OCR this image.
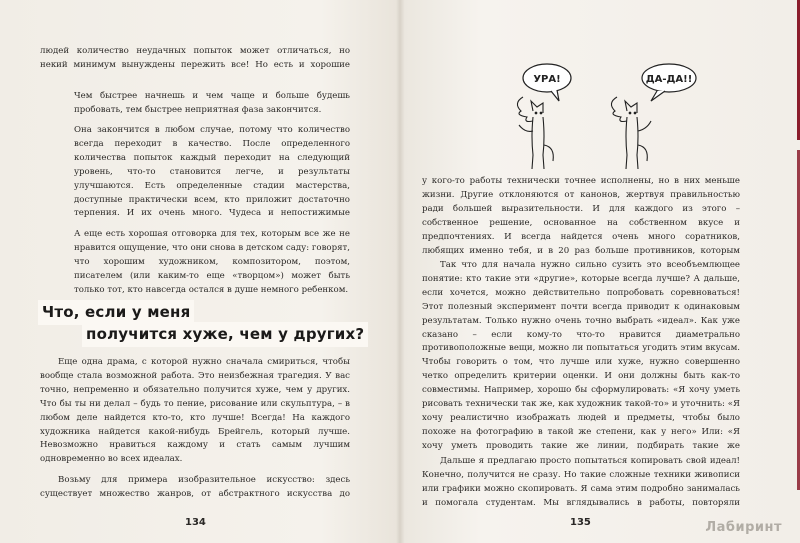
людей количество неудачных попыток может отличаться, но некий минимум вынуждены пережить все! Но есть и хорошие
Чем быстрее начнешь и чем чаще и больше будешь пробовать, тем быстрее неприятная фаза закончится.
Она закончится в любом случае, потому что количество всегда переходит в качество. После определенного количества попыток каждый переходит на следующий уровень, что-то становится легче, и результаты улучшаются. Есть определенные стадии мастерства, доступные практически всем, кто приложит достаточно терпения. И их очень много. Чудеса и непостижимые
А еще есть хорошая отговорка для тех, которым все же не нравится ощущение, что они снова в детском саду: говорят, что хорошим художником, композитором, поэтом, писателем (или каким-то еще «творцом») может быть только тот, кто навсегда остался в душе немного ребенком.
Что, если у меня
получится хуже, чем у других?
Еще одна драма, с которой нужно сначала смириться, чтобы вообще стала возможной работа. Это неизбежная трагедия. У вас точно, непременно и обязательно получится хуже, чем у других. Что бы ты ни делал – будь то пение, рисование или скульптура, – в любом деле найдется кто-то, кто лучше! Всегда! На каждого художника найдется какой-нибудь Брейгель, который лучше. Невозможно нравиться каждому и стать самым лучшим одновременно во всех идеалах.
Возьму для примера изобразительное искусство: здесь существует множество жанров, от абстрактного искусства до
134
УРА!	ДА-ДА!!
у кого-то работы технически точнее исполнены, но в них меньше жизни. Другие отклоняются от канонов, жертвуя правильностью ради большей выразительности. И для каждого из этого – собственное решение, основанное на собственном вкусе и предпочтениях. И всегда найдется очень много соратников, любящих именно тебя, и в 20 раз больше противников, которым
Так что для начала нужно сильно сузить это всеобъемлющее понятие: кто такие эти «другие», которые всегда лучше? А дальше, если хочется, можно действительно попробовать соревноваться! Этот полезный эксперимент почти всегда приводит к одинаковым результатам. Только нужно очень точно выбрать «идеал». Как уже сказано – если кому-то что-то нравится диаметрально противоположные вещи, можно ли попытаться угодить этим вкусам. Чтобы говорить о том, что лучше или хуже, нужно совершенно четко определить критерии оценки. И они должны быть как-то совместимы. Например, хорошо бы сформулировать: «Я хочу уметь рисовать технически так же, как художник такой-то» и уточнить: «Я хочу реалистично изображать людей и предметы, чтобы было похоже на фотографию в такой же степени, как у него» Или: «Я хочу уметь проводить такие же линии, подбирать такие же
Дальше я предлагаю просто попытаться копировать свой идеал! Конечно, получится не сразу. Но такие сложные техники живописи или графики можно скопировать. Я сама этим подробно занималась и помогала студентам. Мы вглядывались в работы, повторяли
135	Лабиринт
